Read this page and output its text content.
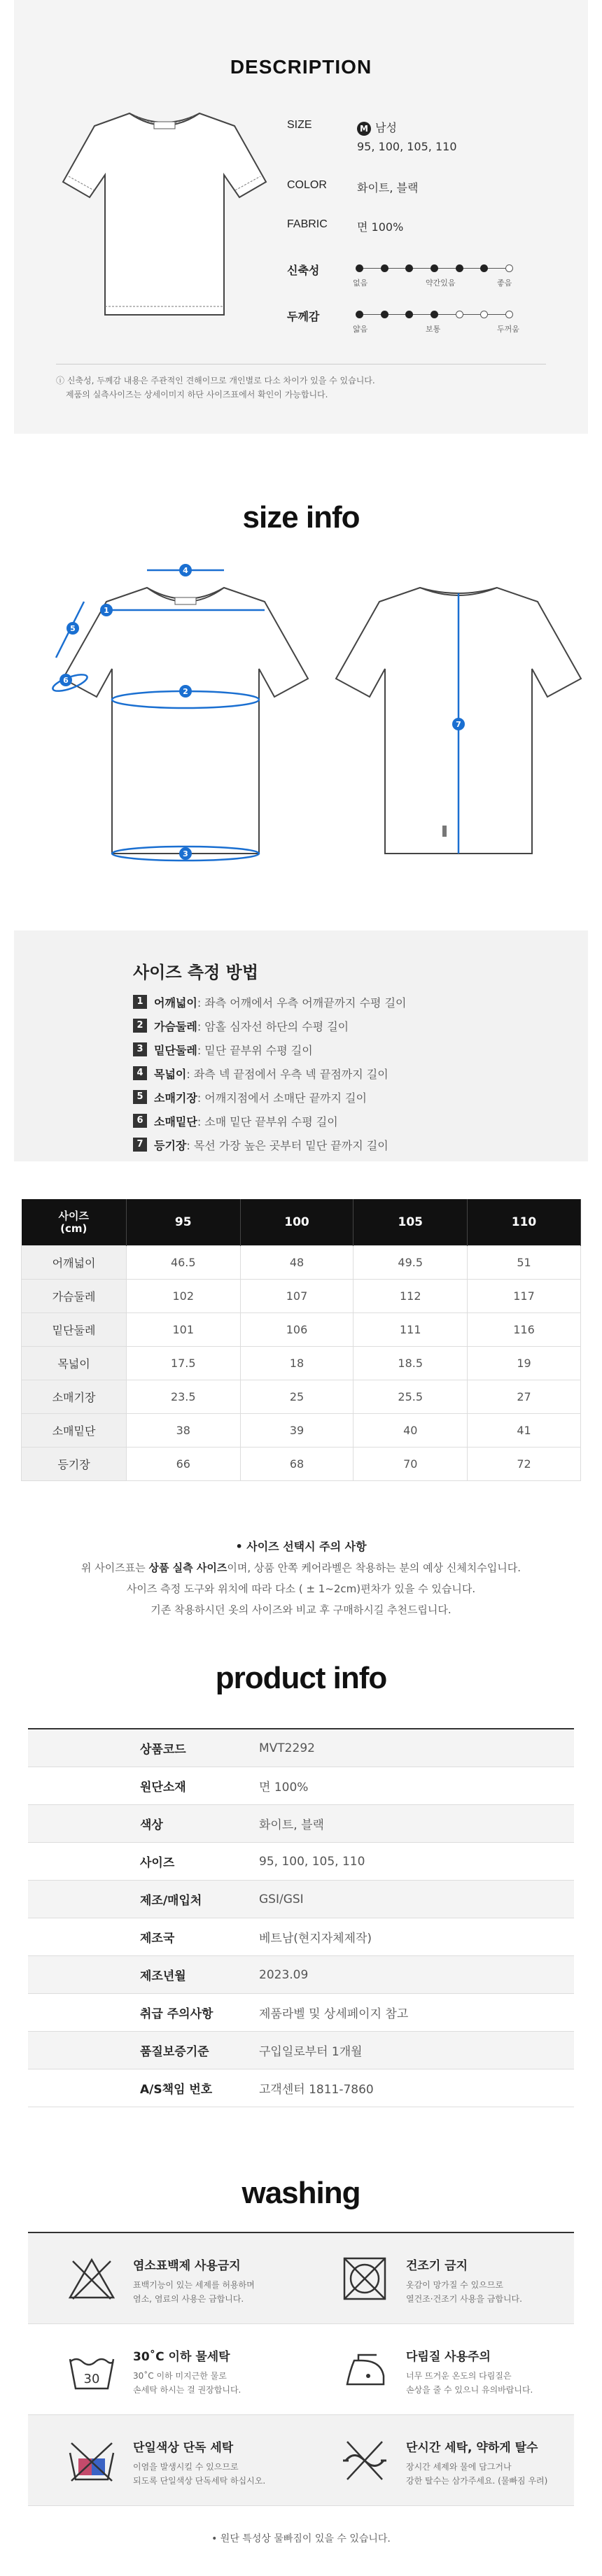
DESCRIPTION
SIZE	M 남성
95, 100, 105, 110
COLOR	화이트, 블랙
FABRIC	면 100%
신축성
없음	약간있음	좋음
두께감
얇음	보통	두꺼움
ⓘ 신축성, 두께감 내용은 주관적인 견해이므로 개인별로 다소 차이가 있을 수 있습니다.
제품의 실측사이즈는 상세이미지 하단 사이즈표에서 확인이 가능합니다.
size info
1
2
3
4
5
6
7
사이즈 측정 방법
1 어깨넓이 : 좌측 어깨에서 우측 어깨끝까지 수평 길이
2 가슴둘레 : 암홀 심자선 하단의 수평 길이
3 밑단둘레 : 밑단 끝부위 수평 길이
4 목넓이 : 좌측 넥 끝점에서 우측 넥 끝점까지 길이
5 소매기장 : 어깨지점에서 소매단 끝까지 길이
6 소매밑단 : 소매 밑단 끝부위 수평 길이
7 등기장 : 목선 가장 높은 곳부터 밑단 끝까지 길이
사이즈
(cm)	95	100	105	110
어깨넓이	46.5	48	49.5	51
가슴둘레	102	107	112	117
밑단둘레	101	106	111	116
목넓이	17.5	18	18.5	19
소매기장	23.5	25	25.5	27
소매밑단	38	39	40	41
등기장	66	68	70	72
• 사이즈 선택시 주의 사항
위 사이즈표는 상품 실측 사이즈이며, 상품 안쪽 케어라벨은 착용하는 분의 예상 신체치수입니다.
사이즈 측정 도구와 위치에 따라 다소 ( ± 1~2cm)편차가 있을 수 있습니다.
기존 착용하시던 옷의 사이즈와 비교 후 구매하시길 추천드립니다.
product info
상품코드	MVT2292
원단소재	면 100%
색상	화이트, 블랙
사이즈	95, 100, 105, 110
제조/매입처	GSI/GSI
제조국	베트남(현지자체제작)
제조년월	2023.09
취급 주의사항	제품라벨 및 상세페이지 참고
품질보증기준	구입일로부터 1개월
A/S책임 번호	고객센터 1811-7860
washing
염소표백제 사용금지
표백기능이 있는 세제를 허용하며
염소, 염료의 사용은 금합니다.
건조기 금지
옷감이 망가질 수 있으므로
열건조·건조기 사용을 금합니다.
30
30˚C 이하 물세탁
30˚C 이하 미지근한 물로
손세탁 하시는 걸 권장합니다.
다림질 사용주의
너무 뜨거운 온도의 다림질은
손상을 줄 수 있으니 유의바랍니다.
단일색상 단독 세탁
이염을 발생시킬 수 있으므로
되도록 단일색상 단독세탁 하십시오.
단시간 세탁, 약하게 탈수
장시간 세제와 물에 담그거나
강한 탈수는 삼가주세요. (물빠짐 우려)
• 원단 특성상 물빠짐이 있을 수 있습니다.
